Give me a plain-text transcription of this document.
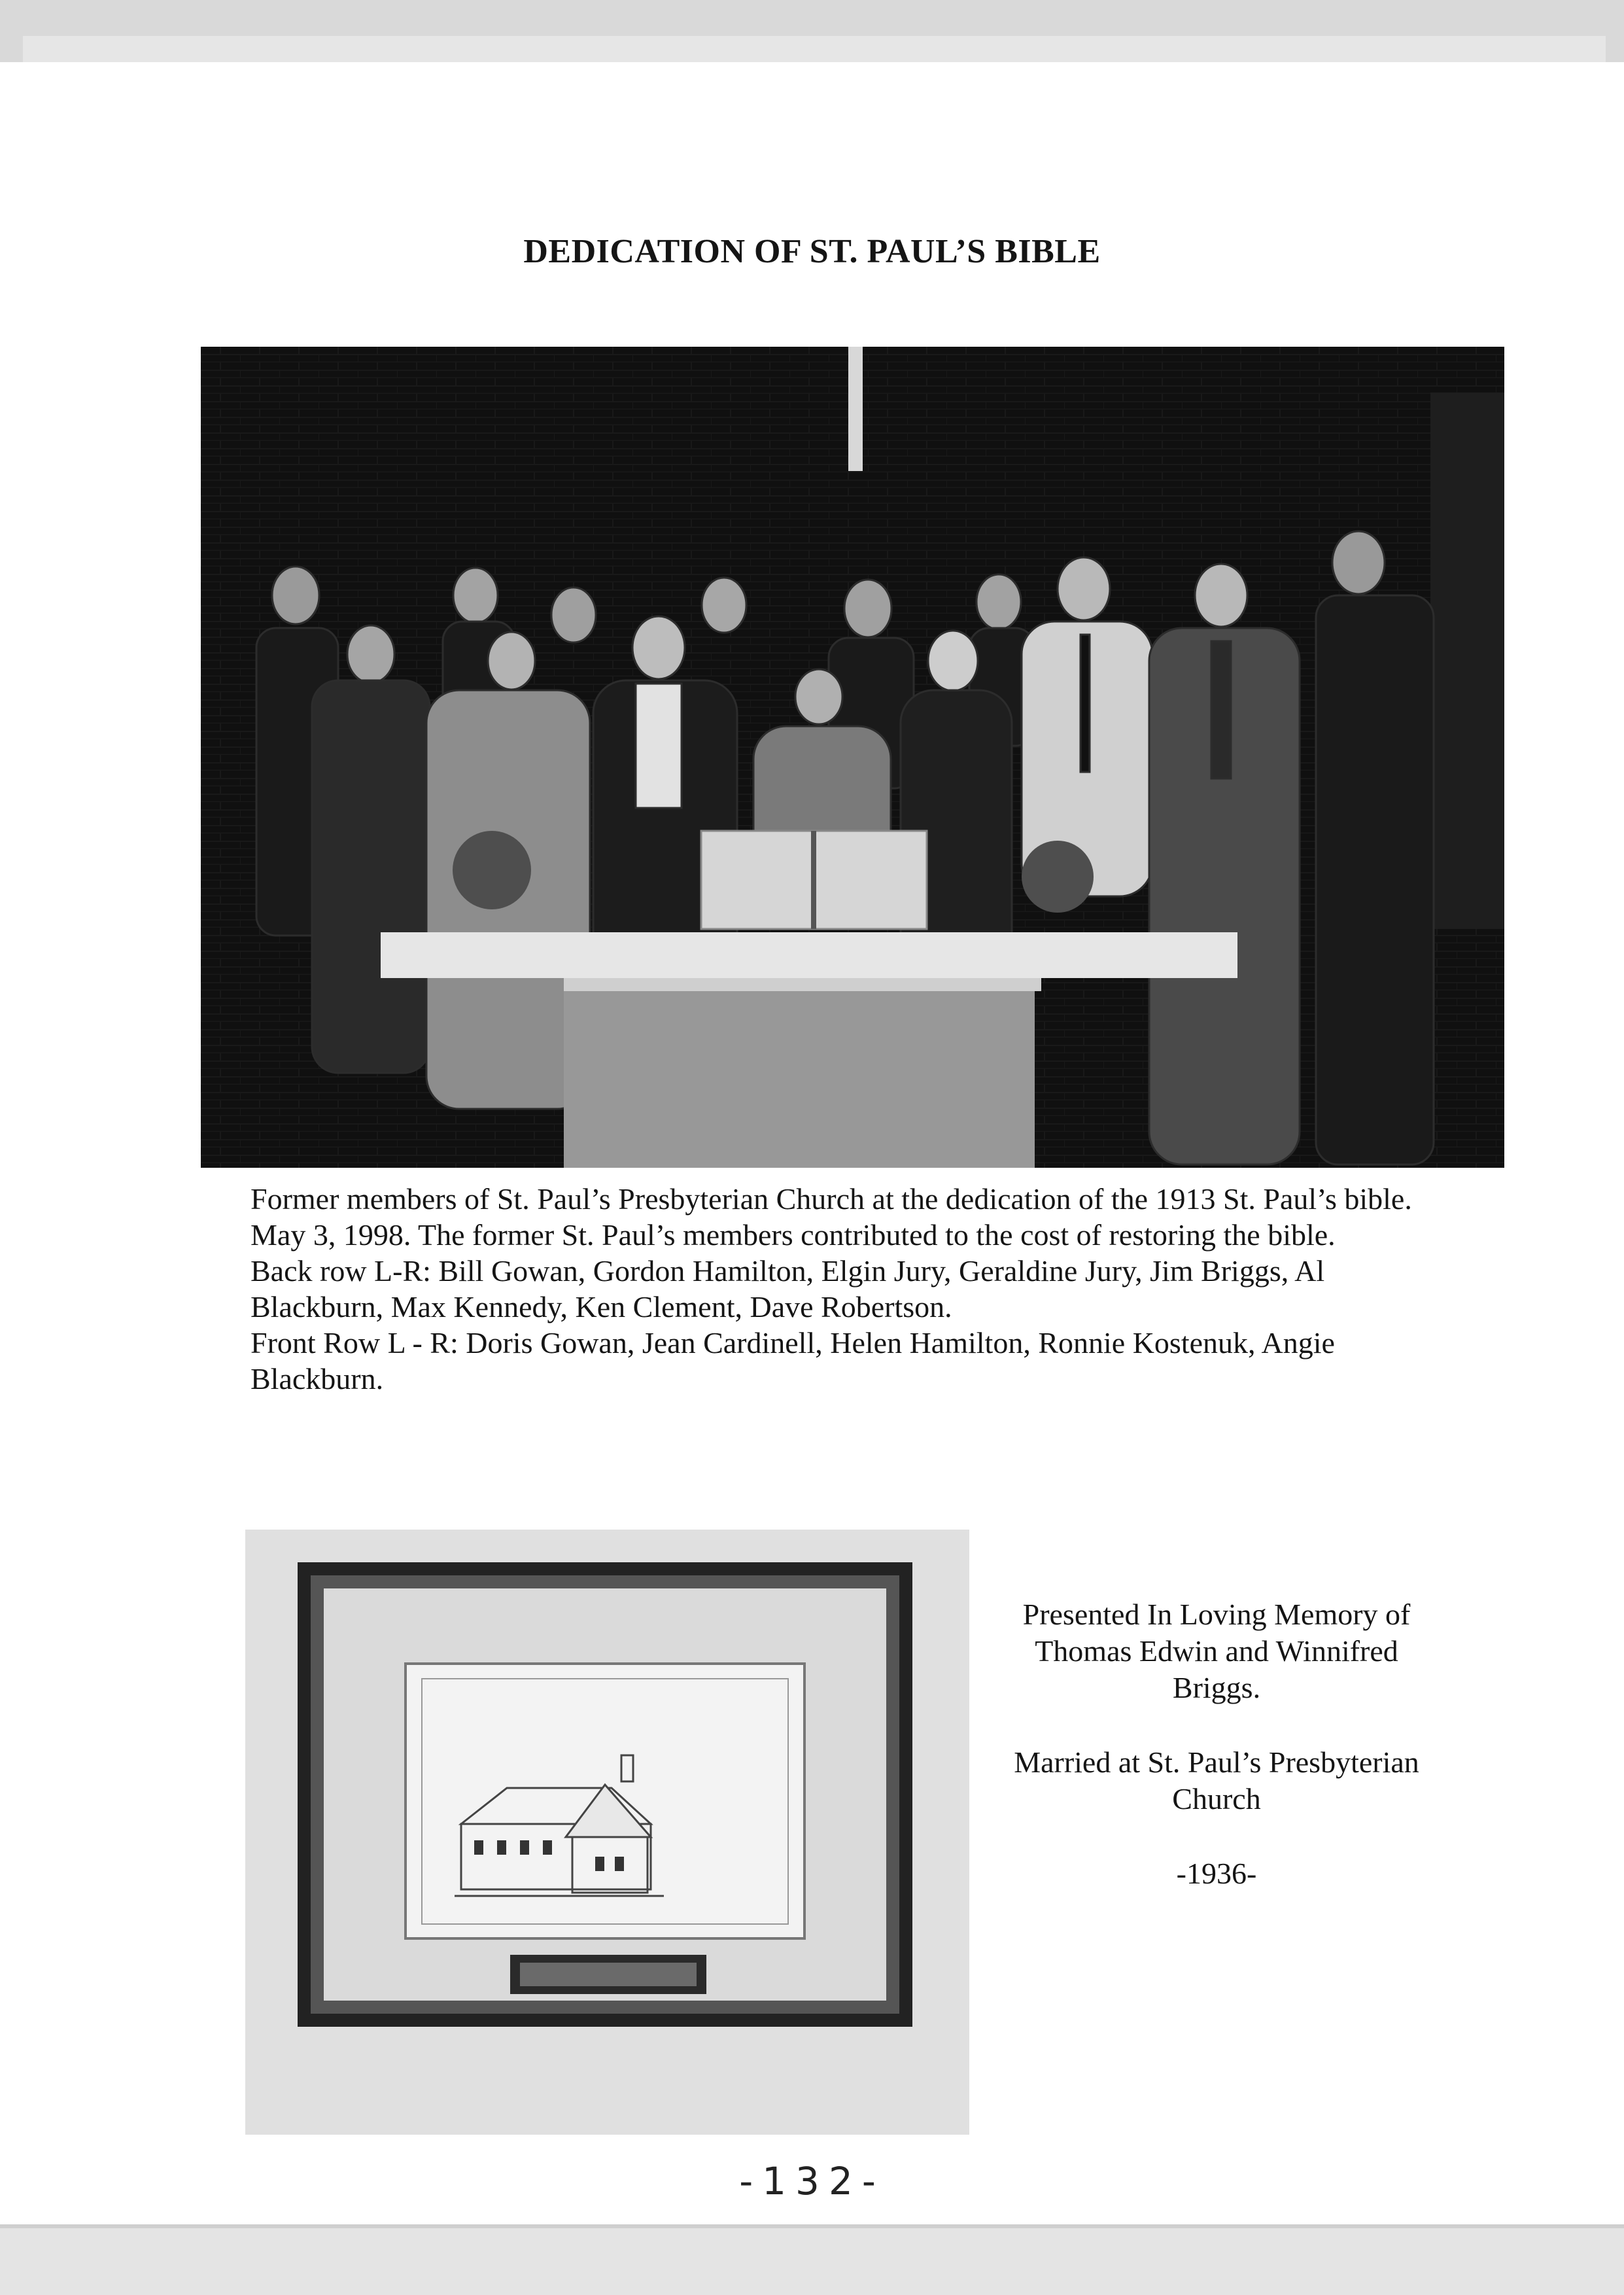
DEDICATION OF ST. PAUL’S BIBLE

Former members of St. Paul’s Presbyterian Church at the dedication of the 1913 St. Paul’s bible. May 3, 1998. The former St. Paul’s members contributed to the cost of restoring the bible.

Back row L-R: Bill Gowan, Gordon Hamilton, Elgin Jury, Geraldine Jury, Jim Briggs, Al Blackburn, Max Kennedy, Ken Clement, Dave Robertson.

Front Row L - R: Doris Gowan, Jean Cardinell, Helen Hamilton, Ronnie Kostenuk, Angie Blackburn.

Presented In Loving Memory of Thomas Edwin and Winnifred Briggs.

Married at St. Paul’s Presbyterian Church

-1936-

-132-
